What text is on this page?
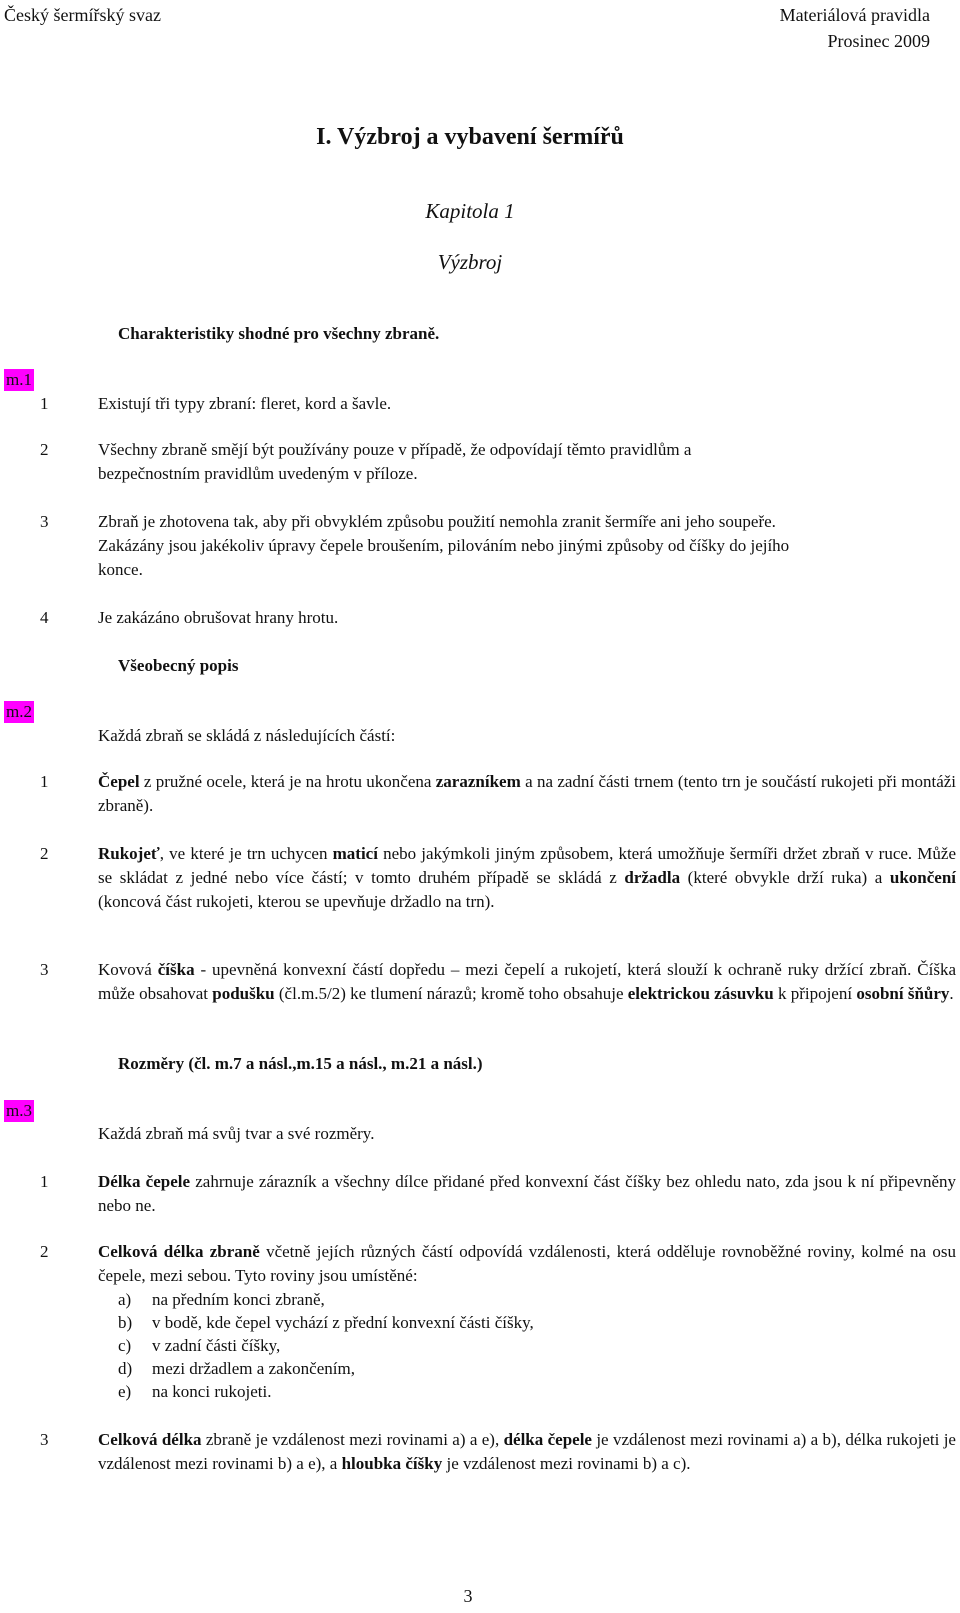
Český šermířský svaz	Materiálová pravidla
Prosinec 2009
I. Výzbroj a vybavení šermířů
Kapitola 1
Výzbroj
Charakteristiky shodné pro všechny zbraně.
m.1
1	Existují tři typy zbraní: fleret, kord a šavle.
2	Všechny zbraně smějí být používány pouze v případě, že odpovídají těmto pravidlům a
bezpečnostním pravidlům uvedeným v příloze.
3	Zbraň je zhotovena tak, aby při obvyklém způsobu použití nemohla zranit šermíře ani jeho soupeře.
Zakázány jsou jakékoliv úpravy čepele broušením, pilováním nebo jinými způsoby od číšky do jejího
konce.
4	Je zakázáno obrušovat hrany hrotu.
Všeobecný popis
m.2
Každá zbraň se skládá z následujících částí:
1	Čepel z pružné ocele, která je na hrotu ukončena zarazníkem a na zadní části trnem (tento trn je součástí rukojeti při montáži zbraně).
2	Rukojeť, ve které je trn uchycen maticí nebo jakýmkoli jiným způsobem, která umožňuje šermíři držet zbraň v ruce. Může se skládat z jedné nebo více částí; v tomto druhém případě se skládá z držadla (které obvykle drží ruka) a ukončení (koncová část rukojeti, kterou se upevňuje držadlo na trn).
3	Kovová číška - upevněná konvexní částí dopředu – mezi čepelí a rukojetí, která slouží k ochraně ruky držící zbraň. Číška může obsahovat podušku (čl.m.5/2) ke tlumení nárazů; kromě toho obsahuje elektrickou zásuvku k připojení osobní šňůry.
Rozměry (čl. m.7 a násl.,m.15 a násl., m.21 a násl.)
m.3
Každá zbraň má svůj tvar a své rozměry.
1	Délka čepele zahrnuje zárazník a všechny dílce přidané před konvexní část číšky bez ohledu nato, zda jsou k ní připevněny nebo ne.
2	Celková délka zbraně včetně jejích různých částí odpovídá vzdálenosti, která odděluje rovnoběžné roviny, kolmé na osu čepele, mezi sebou. Tyto roviny jsou umístěné:
a) na předním konci zbraně,
b) v bodě, kde čepel vychází z přední konvexní části číšky,
c) v zadní části číšky,
d) mezi držadlem a zakončením,
e) na konci rukojeti.
3	Celková délka zbraně je vzdálenost mezi rovinami a) a e), délka čepele je vzdálenost mezi rovinami a) a b), délka rukojeti je vzdálenost mezi rovinami b) a e), a hloubka číšky je vzdálenost mezi rovinami b) a c).
3
